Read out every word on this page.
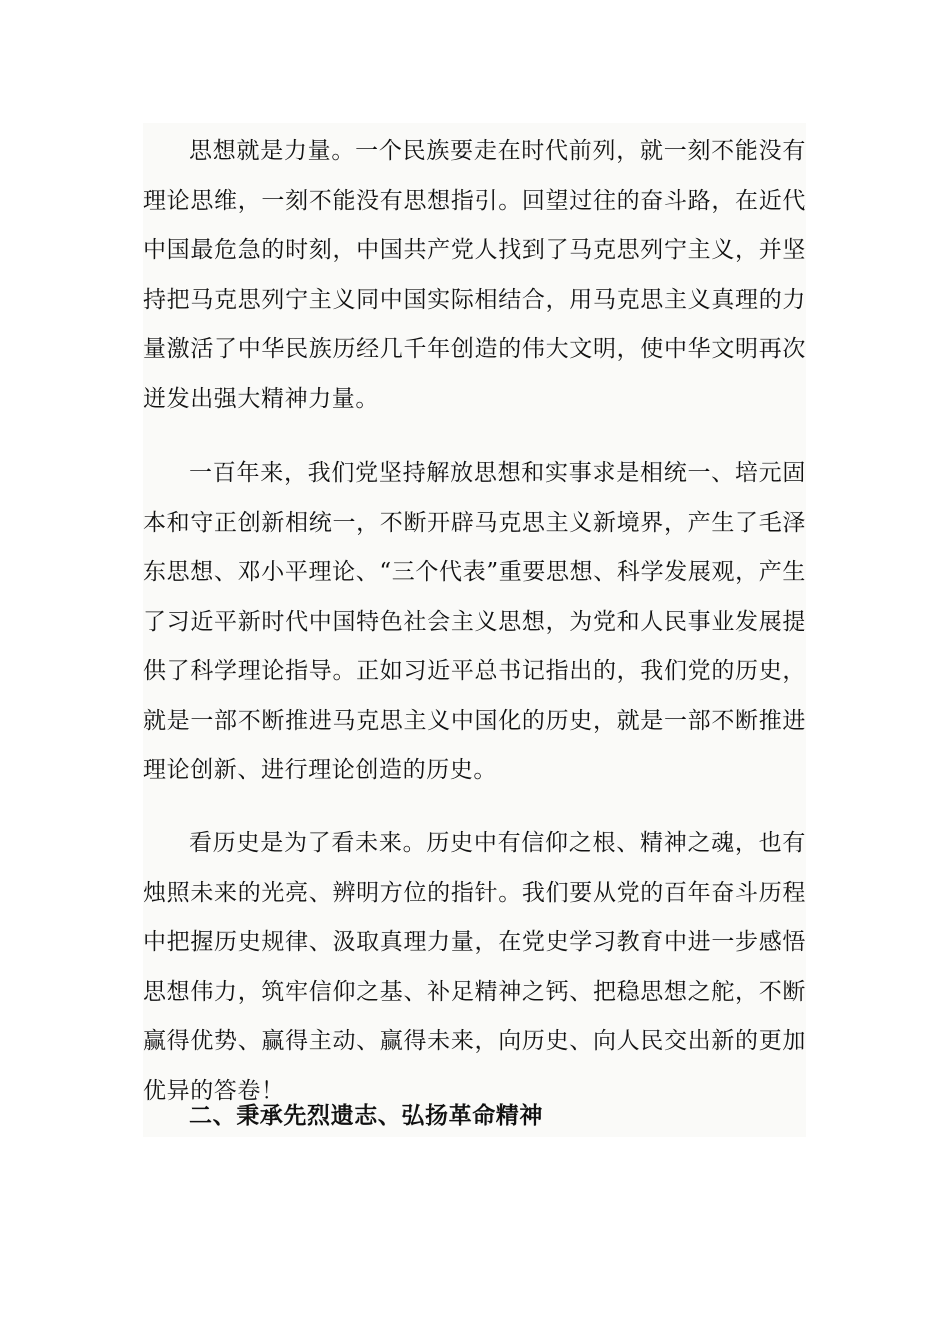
思想就是力量。一个民族要走在时代前列，就一刻不能没有理论思维，一刻不能没有思想指引。回望过往的奋斗路，在近代中国最危急的时刻，中国共产党人找到了马克思列宁主义，并坚持把马克思列宁主义同中国实际相结合，用马克思主义真理的力量激活了中华民族历经几千年创造的伟大文明，使中华文明再次迸发出强大精神力量。

一百年来，我们党坚持解放思想和实事求是相统一、培元固本和守正创新相统一，不断开辟马克思主义新境界，产生了毛泽东思想、邓小平理论、“三个代表”重要思想、科学发展观，产生了习近平新时代中国特色社会主义思想，为党和人民事业发展提供了科学理论指导。正如习近平总书记指出的，我们党的历史，就是一部不断推进马克思主义中国化的历史，就是一部不断推进理论创新、进行理论创造的历史。

看历史是为了看未来。历史中有信仰之根、精神之魂，也有烛照未来的光亮、辨明方位的指针。我们要从党的百年奋斗历程中把握历史规律、汲取真理力量，在党史学习教育中进一步感悟思想伟力，筑牢信仰之基、补足精神之钙、把稳思想之舵，不断赢得优势、赢得主动、赢得未来，向历史、向人民交出新的更加优异的答卷！

二、秉承先烈遗志、弘扬革命精神
